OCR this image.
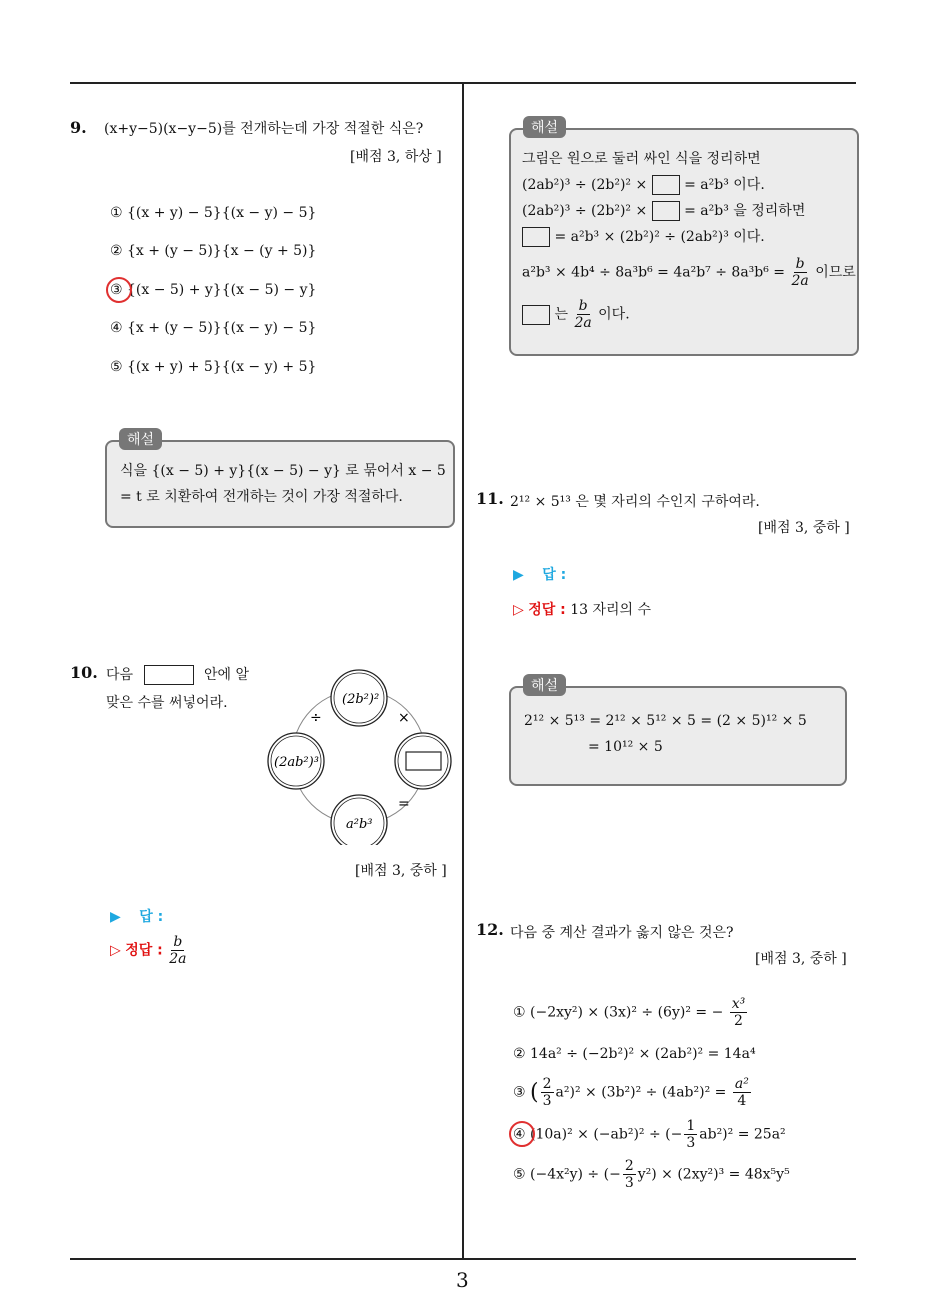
3
9. (x+y−5)(x−y−5)를 전개하는데 가장 적절한 식은?
[배점 3, 하상 ]
① {(x + y) − 5}{(x − y) − 5}
② {x + (y − 5)}{x − (y + 5)}
③ {(x − 5) + y}{(x − 5) − y}
④ {x + (y − 5)}{(x − y) − 5}
⑤ {(x + y) + 5}{(x − y) + 5}
해설
식을 {(x − 5) + y}{(x − 5) − y} 로 묶어서 x − 5
= t 로 치환하여 전개하는 것이 가장 적절하다.
10. 다음	안에 알
맞은 수를 써넣어라.	(2b²)²
(2ab²)³
a²b³
÷	×
=
[배점 3, 중하 ]
▶ 답 :
▷ 정답 : $\frac{b}{2a}$
해설
그림은 원으로 둘러 싸인 식을 정리하면
(2ab²)³ ÷ (2b²)² ×	= a²b³ 이다.
(2ab²)³ ÷ (2b²)² ×	= a²b³ 을 정리하면
= a²b³ × (2b²)² ÷ (2ab²)³ 이다.
$a^2b^3 \times 4b^4 \div 8a^3b^6 = 4a^2b^7 \div 8a^3b^6 = \frac{b}{2a}$ 이므로
는 $\frac{b}{2a}$ 이다.
11. 2¹² × 5¹³ 은 몇 자리의 수인지 구하여라.
[배점 3, 중하 ]
▶ 답 :
▷ 정답 : 13 자리의 수
해설
2¹² × 5¹³ = 2¹² × 5¹² × 5 = (2 × 5)¹² × 5
= 10¹² × 5
12. 다음 중 계산 결과가 옳지 않은 것은?
[배점 3, 중하 ]
① (−2xy²) × (3x)² ÷ (6y)² = − $\frac{\text{x³}}{2}$
② 14a² ÷ (−2b²)² × (2ab²)² = 14a⁴
③ ( $\frac{2}{3} a^2)^2 \times (3b^2)^2 \div (4ab^2)^2 = \frac{\text{a²}}{4}$
④ (10a)² × (−ab²)² ÷ (− $\frac{1}{3} ab^2)^2 = 25a^2$
⑤ (−4x²y) ÷ (− $\frac{2}{3} y^2) \times (2xy^2)^3 = 48x^5y^5$
